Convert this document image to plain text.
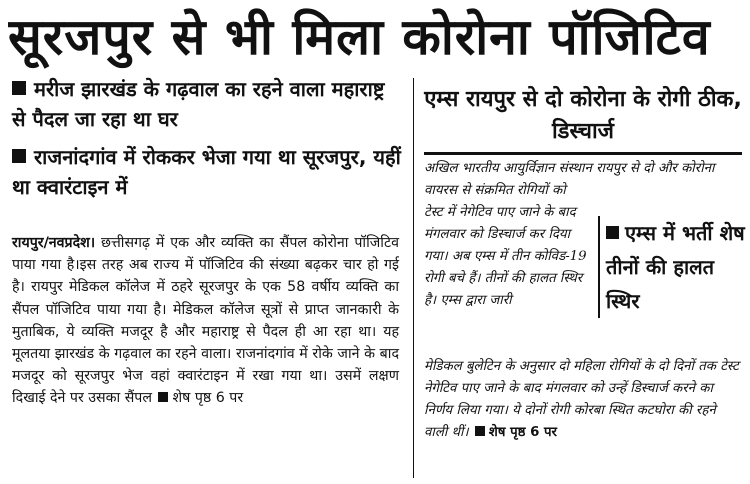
सूरजपुर से भी मिला कोरोना पॉजिटिव

मरीज झारखंड के गढ़वाल का रहने वाला महाराष्ट्र से पैदल जा रहा था घर

राजनांदगांव में रोककर भेजा गया था सूरजपुर, यहीं था क्वारंटाइन में

रायपुर/नवप्रदेश। छत्तीसगढ़ में एक और व्यक्ति का सैंपल कोरोना पॉजिटिव पाया गया है।इस तरह अब राज्य में पॉजिटिव की संख्या बढ़कर चार हो गई है। रायपुर मेडिकल कॉलेज में ठहरे सूरजपुर के एक 58 वर्षीय व्यक्ति का सैंपल पॉजिटिव पाया गया है। मेडिकल कॉलेज सूत्रों से प्राप्त जानकारी के मुताबिक, ये व्यक्ति मजदूर है और महाराष्ट्र से पैदल ही आ रहा था। यह मूलतया झारखंड के गढ़वाल का रहने वाला। राजनांदगांव में रोके जाने के बाद मजदूर को सूरजपुर भेज वहां क्वारंटाइन में रखा गया था। उसमें लक्षण दिखाई देने पर उसका सैंपल शेष पृष्ठ 6 पर

एम्स रायपुर से दो कोरोना के रोगी ठीक, डिस्चार्ज

अखिल भारतीय आयुर्विज्ञान संस्थान रायपुर से दो और कोरोना वायरस से संक्रमित रोगियों को

टेस्ट में नेगेटिव पाए जाने के बाद मंगलवार को डिस्चार्ज कर दिया गया। अब एम्स में तीन कोविड-19 रोगी बचे हैं। तीनों की हालत स्थिर है। एम्स द्वारा जारी

एम्स में भर्ती शेष तीनों की हालत स्थिर

मेडिकल बुलेटिन के अनुसार दो महिला रोगियों के दो दिनों तक टेस्ट नेगेटिव पाए जाने के बाद मंगलवार को उन्हें डिस्चार्ज करने का निर्णय लिया गया। ये दोनों रोगी कोरबा स्थित कटघोरा की रहने वाली थीं। शेष पृष्ठ 6 पर
